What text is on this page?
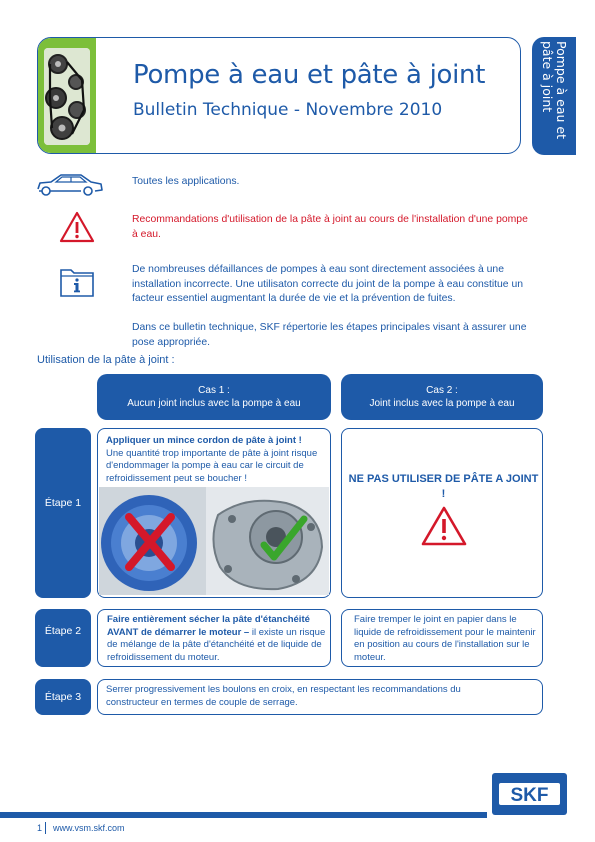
Pompe à eau et pâte à joint
Bulletin Technique - Novembre 2010	Pompe à eau et pâte à joint
Toutes les applications.
Recommandations d'utilisation de la pâte à joint au cours de l'installation d'une pompe à eau.
De nombreuses défaillances de pompes à eau sont directement associées à une installation incorrecte. Une utilisaton correcte du joint de la pompe à eau constitue un facteur essentiel augmentant la durée de vie et la prévention de fuites.
Dans ce bulletin technique, SKF répertorie les étapes principales visant à assurer une pose appropriée.
Utilisation de la pâte à joint :
Cas 1 :
Aucun joint inclus avec la pompe à eau
Cas 2 :
Joint inclus avec la pompe à eau
Étape 1
Appliquer un mince cordon de pâte à joint !
Une quantité trop importante de pâte à joint risque d'endommager la pompe à eau car le circuit de refroidissement peut se boucher !	NE PAS UTILISER DE PÂTE A JOINT !
Étape 2
Faire entièrement sécher la pâte d'étanchéité AVANT de démarrer le moteur – il existe un risque de mélange de la pâte d'étanchéité et de liquide de refroidissement du moteur.
Faire tremper le joint en papier dans le liquide de refroidissement pour le maintenir en position au cours de l'installation sur le moteur.
Étape 3
Serrer progressivement les boulons en croix, en respectant les recommandations du constructeur en termes de couple de serrage.
SKF
1 www.vsm.skf.com
